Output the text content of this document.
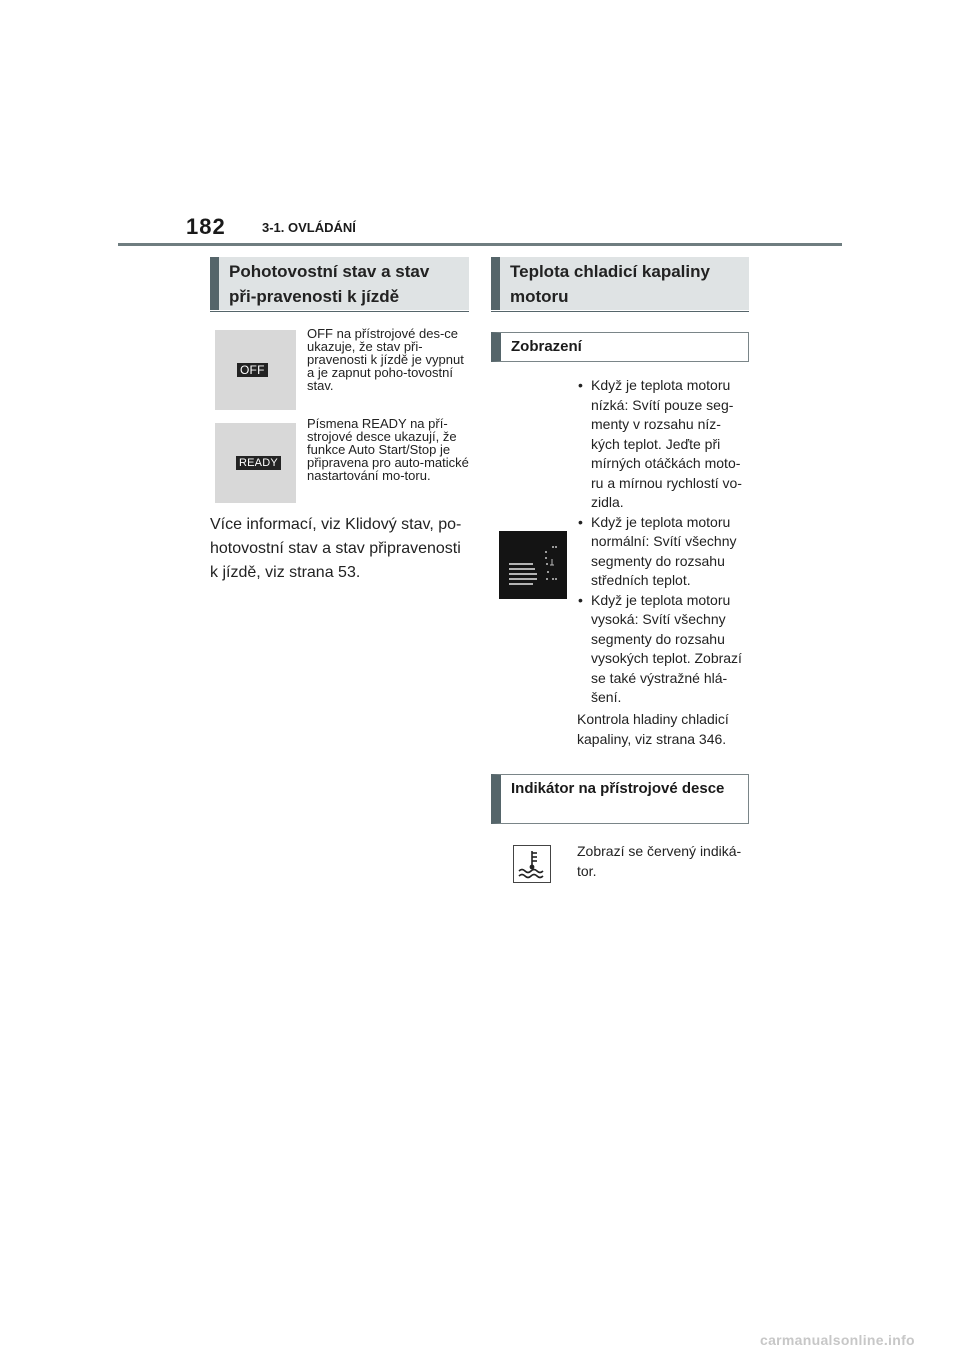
182	3-1. OVLÁDÁNÍ
Pohotovostní stav a stav při-pravenosti k jízdě
OFF

OFF na přístrojové des-ce ukazuje, že stav při-pravenosti k jízdě je vypnut a je zapnut poho-tovostní stav.

READY

Písmena READY na pří-strojové desce ukazují, že funkce Auto Start/Stop je připravena pro auto-matické nastartování mo-toru.

Více informací, viz Klidový stav, po-hotovostní stav a stav připravenosti k jízdě, viz strana 53.
Teplota chladicí kapaliny motoru
Zobrazení
• Když je teplota motoru nízká: Svítí pouze seg-menty v rozsahu níz-kých teplot. Jeďte při mírných otáčkách moto-ru a mírnou rychlostí vo-zidla.
• Když je teplota motoru normální: Svítí všechny segmenty do rozsahu středních teplot.
• Když je teplota motoru vysoká: Svítí všechny segmenty do rozsahu vysokých teplot. Zobrazí se také výstražné hlá-šení.
Kontrola hladiny chladicí kapaliny, viz strana 346.
Indikátor na přístrojové desce
Zobrazí se červený indiká-tor.
carmanualsonline.info
